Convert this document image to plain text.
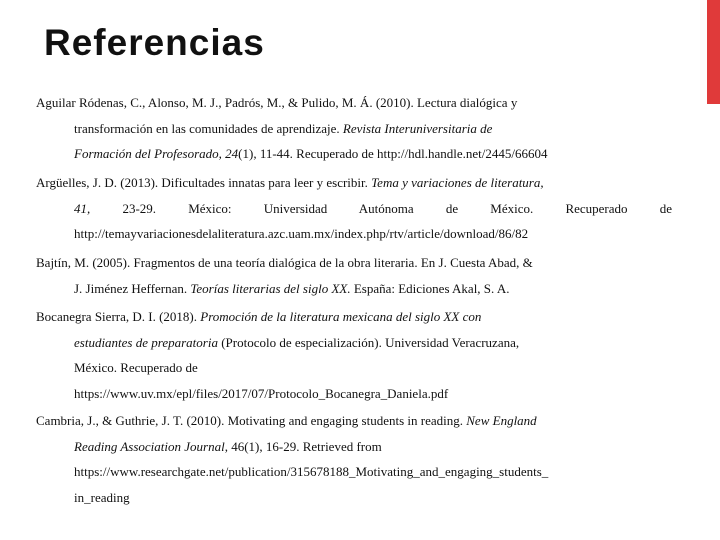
Referencias
Aguilar Ródenas, C., Alonso, M. J., Padrós, M., & Pulido, M. Á. (2010). Lectura dialógica y
transformación en las comunidades de aprendizaje. Revista Interuniversitaria de
Formación del Profesorado, 24(1), 11-44. Recuperado de http://hdl.handle.net/2445/66604
Argüelles, J. D. (2013). Dificultades innatas para leer y escribir. Tema y variaciones de literatura,
41, 23-29. México: Universidad Autónoma de México. Recuperado de
http://temayvariacionesdelaliteratura.azc.uam.mx/index.php/rtv/article/download/86/82
Bajtín, M. (2005). Fragmentos de una teoría dialógica de la obra literaria. En J. Cuesta Abad, &
J. Jiménez Heffernan. Teorías literarias del siglo XX. España: Ediciones Akal, S. A.
Bocanegra Sierra, D. I. (2018). Promoción de la literatura mexicana del siglo XX con
estudiantes de preparatoria (Protocolo de especialización). Universidad Veracruzana,
México. Recuperado de
https://www.uv.mx/epl/files/2017/07/Protocolo_Bocanegra_Daniela.pdf
Cambria, J., & Guthrie, J. T. (2010). Motivating and engaging students in reading. New England
Reading Association Journal, 46(1), 16-29. Retrieved from
https://www.researchgate.net/publication/315678188_Motivating_and_engaging_students_
in_reading
